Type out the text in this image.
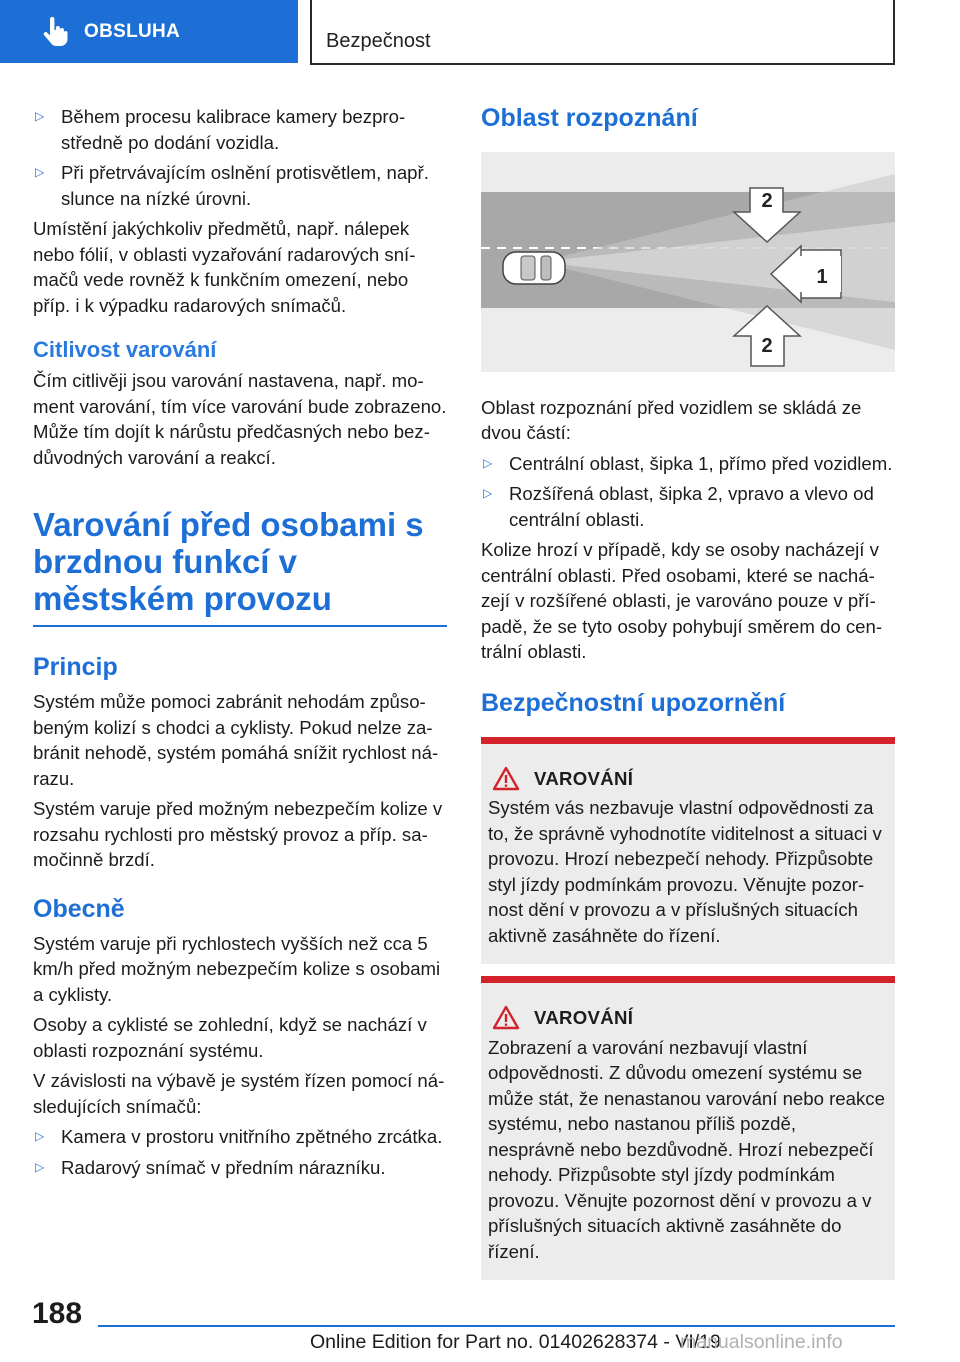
OBSLUHA	Bezpečnost
▷ Během procesu kalibrace kamery bezprostředně po dodání vozidla.
▷ Při přetrvávajícím oslnění protisvětlem, např. slunce na nízké úrovni.

Umístění jakýchkoliv předmětů, např. nálepek nebo fólií, v oblasti vyzařování radarových snímačů vede rovněž k funkčním omezení, nebo příp. i k výpadku radarových snímačů.

Citlivost varování

Čím citlivěji jsou varování nastavena, např. moment varování, tím více varování bude zobrazeno. Může tím dojít k nárůstu předčasných nebo bezdůvodných varování a reakcí.

Varování před osobami s brzdnou funkcí v městském provozu
Princip

Systém může pomoci zabránit nehodám způsobeným kolizí s chodci a cyklisty. Pokud nelze zabránit nehodě, systém pomáhá snížit rychlost nárazu.

Systém varuje před možným nebezpečím kolize v rozsahu rychlosti pro městský provoz a příp. samočinně brzdí.

Obecně

Systém varuje při rychlostech vyšších než cca 5 km/h před možným nebezpečím kolize s osobami a cyklisty.

Osoby a cyklisté se zohlední, když se nachází v oblasti rozpoznání systému.

V závislosti na výbavě je systém řízen pomocí následujících snímačů:

▷ Kamera v prostoru vnitřního zpětného zrcátka.
▷ Radarový snímač v předním nárazníku.
Oblast rozpoznání
2
1
2

Oblast rozpoznání před vozidlem se skládá ze dvou částí:

▷ Centrální oblast, šipka 1, přímo před vozidlem.
▷ Rozšířená oblast, šipka 2, vpravo a vlevo od centrální oblasti.

Kolize hrozí v případě, kdy se osoby nacházejí v centrální oblasti. Před osobami, které se nacházejí v rozšířené oblasti, je varováno pouze v případě, že se tyto osoby pohybují směrem do centrální oblasti.

Bezpečnostní upozornění
VAROVÁNÍ
Systém vás nezbavuje vlastní odpovědnosti za to, že správně vyhodnotíte viditelnost a situaci v provozu. Hrozí nebezpečí nehody. Přizpůsobte styl jízdy podmínkám provozu. Věnujte pozornost dění v provozu a v příslušných situacích aktivně zasáhněte do řízení.
VAROVÁNÍ
Zobrazení a varování nezbavují vlastní odpovědnosti. Z důvodu omezení systému se může stát, že nenastanou varování nebo reakce systému, nebo nastanou příliš pozdě, nesprávně nebo bezdůvodně. Hrozí nebezpečí nehody. Přizpůsobte styl jízdy podmínkám provozu. Věnujte pozornost dění v provozu a v příslušných situacích aktivně zasáhněte do řízení.
188
Online Edition for Part no. 01402628374 - VI/19
manualsonline.info
